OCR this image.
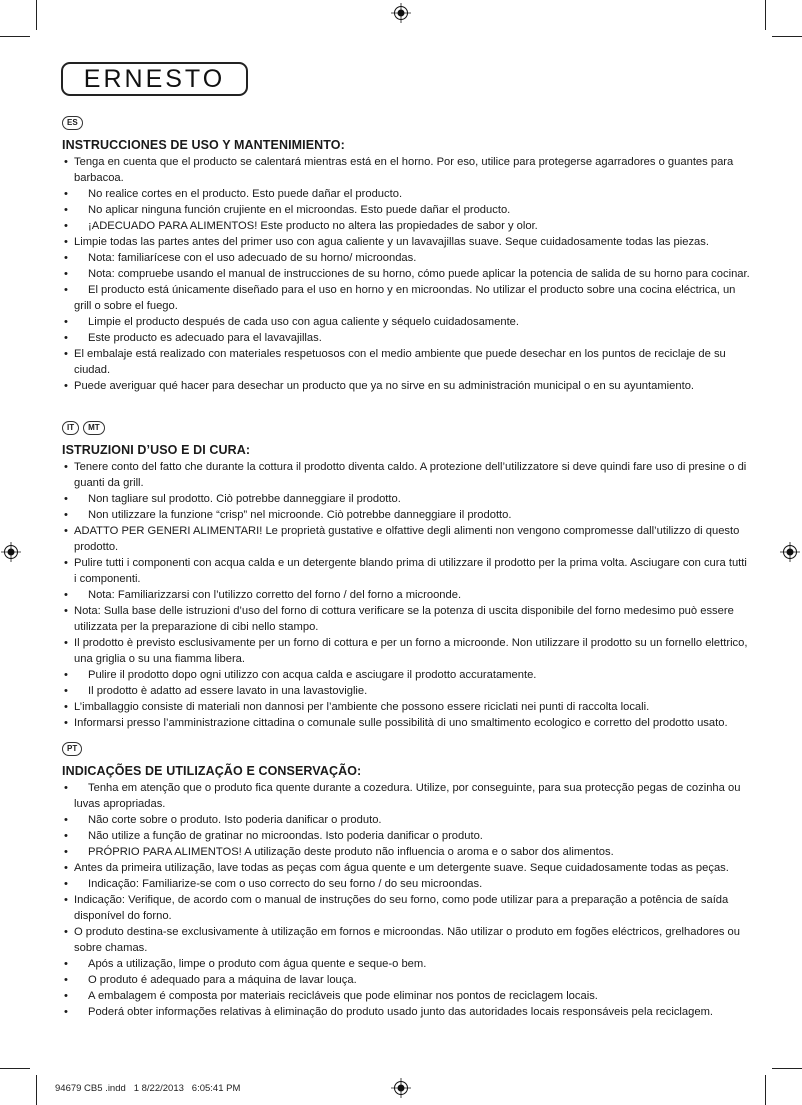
ERNESTO
ES
INSTRUCCIONES DE USO Y MANTENIMIENTO:
• Tenga en cuenta que el producto se calentará mientras está en el horno. Por eso, utilice para protegerse agarradores o guantes para barbacoa.
• No realice cortes en el producto. Esto puede dañar el producto.
• No aplicar ninguna función crujiente en el microondas. Esto puede dañar el producto.
• ¡ADECUADO PARA ALIMENTOS! Este producto no altera las propiedades de sabor y olor.
• Limpie todas las partes antes del primer uso con agua caliente y un lavavajillas suave. Seque cuidadosamente todas las piezas.
• Nota: familiarícese con el uso adecuado de su horno/ microondas.
• Nota: compruebe usando el manual de instrucciones de su horno, cómo puede aplicar la potencia de salida de su horno para cocinar.
• El producto está únicamente diseñado para el uso en horno y en microondas. No utilizar el producto sobre una cocina eléctrica, un grill o sobre el fuego.
• Limpie el producto después de cada uso con agua caliente y séquelo cuidadosamente.
• Este producto es adecuado para el lavavajillas.
• El embalaje está realizado con materiales respetuosos con el medio ambiente que puede desechar en los puntos de reciclaje de su ciudad.
• Puede averiguar qué hacer para desechar un producto que ya no sirve en su administración municipal o en su ayuntamiento.
IT	MT
ISTRUZIONI D’USO E DI CURA:
• Tenere conto del fatto che durante la cottura il prodotto diventa caldo. A protezione dell’utilizzatore si deve quindi fare uso di presine o di guanti da grill.
• Non tagliare sul prodotto. Ciò potrebbe danneggiare il prodotto.
• Non utilizzare la funzione “crisp” nel microonde. Ciò potrebbe danneggiare il prodotto.
• ADATTO PER GENERI ALIMENTARI! Le proprietà gustative e olfattive degli alimenti non vengono compromesse dall’utilizzo di questo prodotto.
• Pulire tutti i componenti con acqua calda e un detergente blando prima di utilizzare il prodotto per la prima volta. Asciugare con cura tutti i componenti.
• Nota: Familiarizzarsi con l’utilizzo corretto del forno / del forno a microonde.
• Nota: Sulla base delle istruzioni d’uso del forno di cottura verificare se la potenza di uscita disponibile del forno medesimo può essere utilizzata per la preparazione di cibi nello stampo.
• Il prodotto è previsto esclusivamente per un forno di cottura e per un forno a microonde. Non utilizzare il prodotto su un fornello elettrico, una griglia o su una fiamma libera.
• Pulire il prodotto dopo ogni utilizzo con acqua calda e asciugare il prodotto accuratamente.
• Il prodotto è adatto ad essere lavato in una lavastoviglie.
• L’imballaggio consiste di materiali non dannosi per l’ambiente che possono essere riciclati nei punti di raccolta locali.
• Informarsi presso l’amministrazione cittadina o comunale sulle possibilità di uno smaltimento ecologico e corretto del prodotto usato.
PT
INDICAÇÕES DE UTILIZAÇÃO E CONSERVAÇÃO:
• Tenha em atenção que o produto fica quente durante a cozedura. Utilize, por conseguinte, para sua protecção pegas de cozinha ou luvas apropriadas.
• Não corte sobre o produto. Isto poderia danificar o produto.
• Não utilize a função de gratinar no microondas. Isto poderia danificar o produto.
• PRÓPRIO PARA ALIMENTOS! A utilização deste produto não influencia o aroma e o sabor dos alimentos.
• Antes da primeira utilização, lave todas as peças com água quente e um detergente suave. Seque cuidadosamente todas as peças.
• Indicação: Familiarize-se com o uso correcto do seu forno / do seu microondas.
• Indicação: Verifique, de acordo com o manual de instruções do seu forno, como pode utilizar para a preparação a potência de saída disponível do forno.
• O produto destina-se exclusivamente à utilização em fornos e microondas. Não utilizar o produto em fogões eléctricos, grelhadores ou sobre chamas.
• Após a utilização, limpe o produto com água quente e seque-o bem.
• O produto é adequado para a máquina de lavar louça.
• A embalagem é composta por materiais recicláveis que pode eliminar nos pontos de reciclagem locais.
• Poderá obter informações relativas à eliminação do produto usado junto das autoridades locais responsáveis pela reciclagem.
94679 CB5 .indd   1 8/22/2013   6:05:41 PM
